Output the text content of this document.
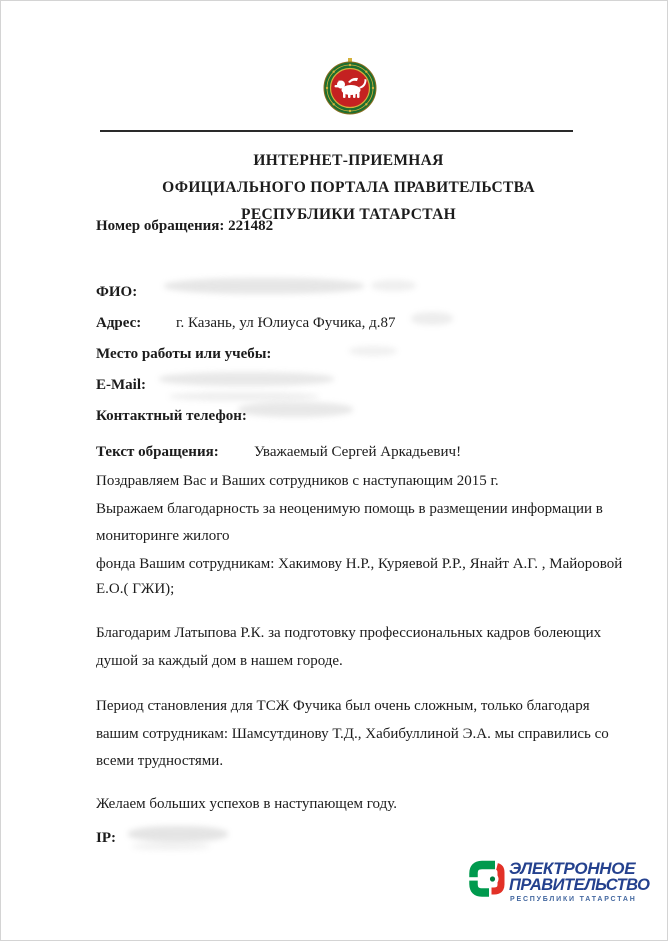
ИНТЕРНЕТ-ПРИЕМНАЯ
ОФИЦИАЛЬНОГО ПОРТАЛА ПРАВИТЕЛЬСТВА
РЕСПУБЛИКИ ТАТАРСТАН
Номер обращения: 221482
ФИО:
Адрес: г. Казань, ул Юлиуса Фучика, д.87
Место работы или учебы:
E-Mail:
Контактный телефон:
Текст обращения: Уважаемый Сергей Аркадьевич!
Поздравляем Вас и Ваших сотрудников с наступающим 2015 г.
Выражаем благодарность за неоценимую помощь в размещении информации в
мониторинге жилого
фонда Вашим сотрудникам: Хакимову Н.Р., Куряевой Р.Р., Янайт А.Г. , Майоровой
Е.О.( ГЖИ);
Благодарим Латыпова Р.К. за подготовку профессиональных кадров болеющих
душой за каждый дом в нашем городе.
Период становления для ТСЖ Фучика был очень сложным, только благодаря
вашим сотрудникам: Шамсутдинову Т.Д., Хабибуллиной Э.А. мы справились со
всеми трудностями.
Желаем больших успехов в наступающем году.
IP:
ЭЛЕКТРОННОЕ
ПРАВИТЕЛЬСТВО
РЕСПУБЛИКИ ТАТАРСТАН
